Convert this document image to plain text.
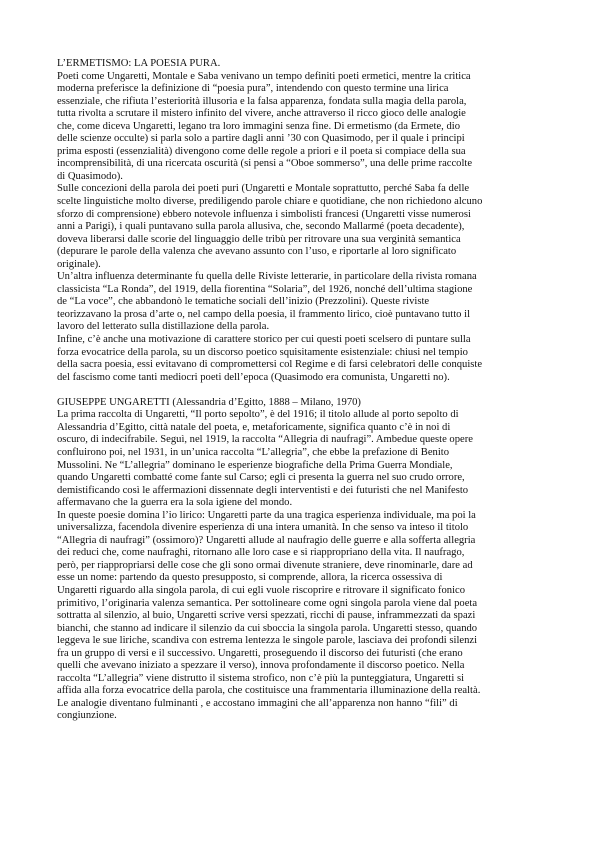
L’ERMETISMO: LA POESIA PURA.

Poeti come Ungaretti, Montale e Saba venivano un tempo definiti poeti ermetici, mentre la critica
moderna preferisce la definizione di “poesia pura”, intendendo con questo termine una lirica
essenziale, che rifiuta l’esteriorità illusoria e la falsa apparenza, fondata sulla magia della parola,
tutta rivolta a scrutare il mistero infinito del vivere, anche attraverso il ricco gioco delle analogie
che, come diceva Ungaretti, legano tra loro immagini senza fine. Di ermetismo (da Ermete, dio
delle scienze occulte) si parla solo a partire dagli anni ’30 con Quasimodo, per il quale i principi
prima esposti (essenzialità) divengono come delle regole a priori e il poeta si compiace della sua
incomprensibilità, di una ricercata oscurità (si pensi a “Oboe sommerso”, una delle prime raccolte
di Quasimodo).

Sulle concezioni della parola dei poeti puri (Ungaretti e Montale soprattutto, perché Saba fa delle
scelte linguistiche molto diverse, prediligendo parole chiare e quotidiane, che non richiedono alcuno
sforzo di comprensione) ebbero notevole influenza i simbolisti francesi (Ungaretti visse numerosi
anni a Parigi), i quali puntavano sulla parola allusiva, che, secondo Mallarmé (poeta decadente),
doveva liberarsi dalle scorie del linguaggio delle tribù per ritrovare una sua verginità semantica
(depurare le parole della valenza che avevano assunto con l’uso, e riportarle al loro significato
originale).

Un’altra influenza determinante fu quella delle Riviste letterarie, in particolare della rivista romana
classicista “La Ronda”, del 1919, della fiorentina “Solaria”, del 1926, nonché dell’ultima stagione
de “La voce”, che abbandonò le tematiche sociali dell’inizio (Prezzolini). Queste riviste
teorizzavano la prosa d’arte o, nel campo della poesia, il frammento lirico, cioè puntavano tutto il
lavoro del letterato sulla distillazione della parola.

Infine, c’è anche una motivazione di carattere storico per cui questi poeti scelsero di puntare sulla
forza evocatrice della parola, su un discorso poetico squisitamente esistenziale: chiusi nel tempio
della sacra poesia, essi evitavano di compromettersi col Regime e di farsi celebratori delle conquiste
del fascismo come tanti mediocri poeti dell’epoca (Quasimodo era comunista, Ungaretti no).

GIUSEPPE UNGARETTI (Alessandria d’Egitto, 1888 – Milano, 1970)

La prima raccolta di Ungaretti, “Il porto sepolto”, è del 1916; il titolo allude al porto sepolto di
Alessandria d’Egitto, città natale del poeta, e, metaforicamente, significa quanto c’è in noi di
oscuro, di indecifrabile. Seguì, nel 1919, la raccolta “Allegria di naufragi”. Ambedue queste opere
confluirono poi, nel 1931, in un’unica raccolta “L’allegria”, che ebbe la prefazione di Benito
Mussolini. Ne “L’allegria” dominano le esperienze biografiche della Prima Guerra Mondiale,
quando Ungaretti combatté come fante sul Carso; egli ci presenta la guerra nel suo crudo orrore,
demistificando così le affermazioni dissennate degli interventisti e dei futuristi che nel Manifesto
affermavano che la guerra era la sola igiene del mondo.

In queste poesie domina l’io lirico: Ungaretti parte da una tragica esperienza individuale, ma poi la
universalizza, facendola divenire esperienza di una intera umanità. In che senso va inteso il titolo
“Allegria di naufragi” (ossimoro)? Ungaretti allude al naufragio delle guerre e alla sofferta allegria
dei reduci che, come naufraghi, ritornano alle loro case e si riappropriano della vita. Il naufrago,
però, per riappropriarsi delle cose che gli sono ormai divenute straniere, deve rinominarle, dare ad
esse un nome: partendo da questo presupposto, si comprende, allora, la ricerca ossessiva di
Ungaretti riguardo alla singola parola, di cui egli vuole riscoprire e ritrovare il significato fonico
primitivo, l’originaria valenza semantica. Per sottolineare come ogni singola parola viene dal poeta
sottratta al silenzio, al buio, Ungaretti scrive versi spezzati, ricchi di pause, inframmezzati da spazi
bianchi, che stanno ad indicare il silenzio da cui sboccia la singola parola. Ungaretti stesso, quando
leggeva le sue liriche, scandiva con estrema lentezza le singole parole, lasciava dei profondi silenzi
fra un gruppo di versi e il successivo. Ungaretti, proseguendo il discorso dei futuristi (che erano
quelli che avevano iniziato a spezzare il verso), innova profondamente il discorso poetico. Nella
raccolta “L’allegria” viene distrutto il sistema strofico, non c’è più la punteggiatura, Ungaretti si
affida alla forza evocatrice della parola, che costituisce una frammentaria illuminazione della realtà.
Le analogie diventano fulminanti , e accostano immagini che all’apparenza non hanno “fili” di
congiunzione.
